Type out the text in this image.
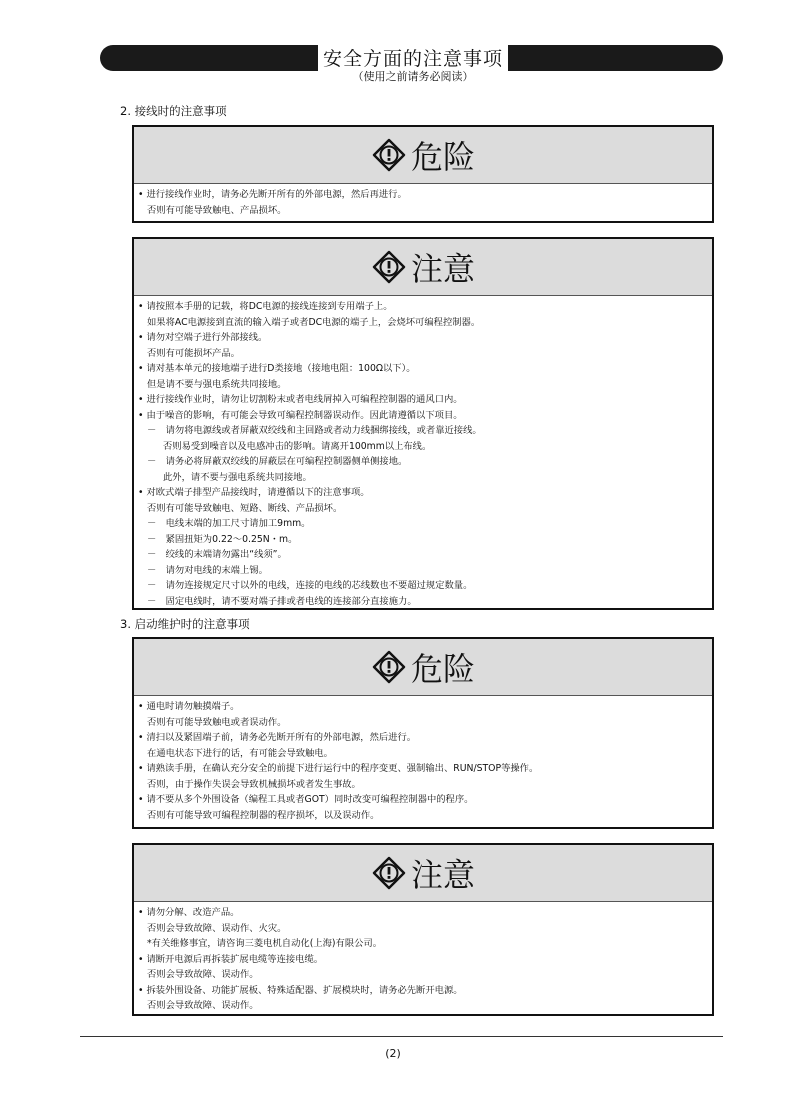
安全方面的注意事项
（使用之前请务必阅读）
2. 接线时的注意事项
危险
• 进行接线作业时，请务必先断开所有的外部电源，然后再进行。
否则有可能导致触电、产品损坏。
注意
• 请按照本手册的记载，将DC电源的接线连接到专用端子上。
如果将AC电源接到直流的输入端子或者DC电源的端子上，会烧坏可编程控制器。
• 请勿对空端子进行外部接线。
否则有可能损坏产品。
• 请对基本单元的接地端子进行D类接地（接地电阻：100Ω以下）。
但是请不要与强电系统共同接地。
• 进行接线作业时，请勿让切割粉末或者电线屑掉入可编程控制器的通风口内。
• 由于噪音的影响，有可能会导致可编程控制器误动作。因此请遵循以下项目。
－　请勿将电源线或者屏蔽双绞线和主回路或者动力线捆绑接线，或者靠近接线。
否则易受到噪音以及电感冲击的影响。请离开100mm以上布线。
－　请务必将屏蔽双绞线的屏蔽层在可编程控制器侧单侧接地。
此外，请不要与强电系统共同接地。
• 对欧式端子排型产品接线时，请遵循以下的注意事项。
否则有可能导致触电、短路、断线、产品损坏。
－　电线末端的加工尺寸请加工9mm。
－　紧固扭矩为0.22～0.25N・m。
－　绞线的末端请勿露出“线须”。
－　请勿对电线的末端上锡。
－　请勿连接规定尺寸以外的电线，连接的电线的芯线数也不要超过规定数量。
－　固定电线时，请不要对端子排或者电线的连接部分直接施力。
3. 启动维护时的注意事项
危险
• 通电时请勿触摸端子。
否则有可能导致触电或者误动作。
• 清扫以及紧固端子前，请务必先断开所有的外部电源，然后进行。
在通电状态下进行的话，有可能会导致触电。
• 请熟读手册，在确认充分安全的前提下进行运行中的程序变更、强制输出、RUN/STOP等操作。
否则，由于操作失误会导致机械损坏或者发生事故。
• 请不要从多个外围设备（编程工具或者GOT）同时改变可编程控制器中的程序。
否则有可能导致可编程控制器的程序损坏，以及误动作。
注意
• 请勿分解、改造产品。
否则会导致故障、误动作、火灾。
*有关维修事宜，请咨询三菱电机自动化(上海)有限公司。
• 请断开电源后再拆装扩展电缆等连接电缆。
否则会导致故障、误动作。
• 拆装外围设备、功能扩展板、特殊适配器、扩展模块时，请务必先断开电源。
否则会导致故障、误动作。
(2)
